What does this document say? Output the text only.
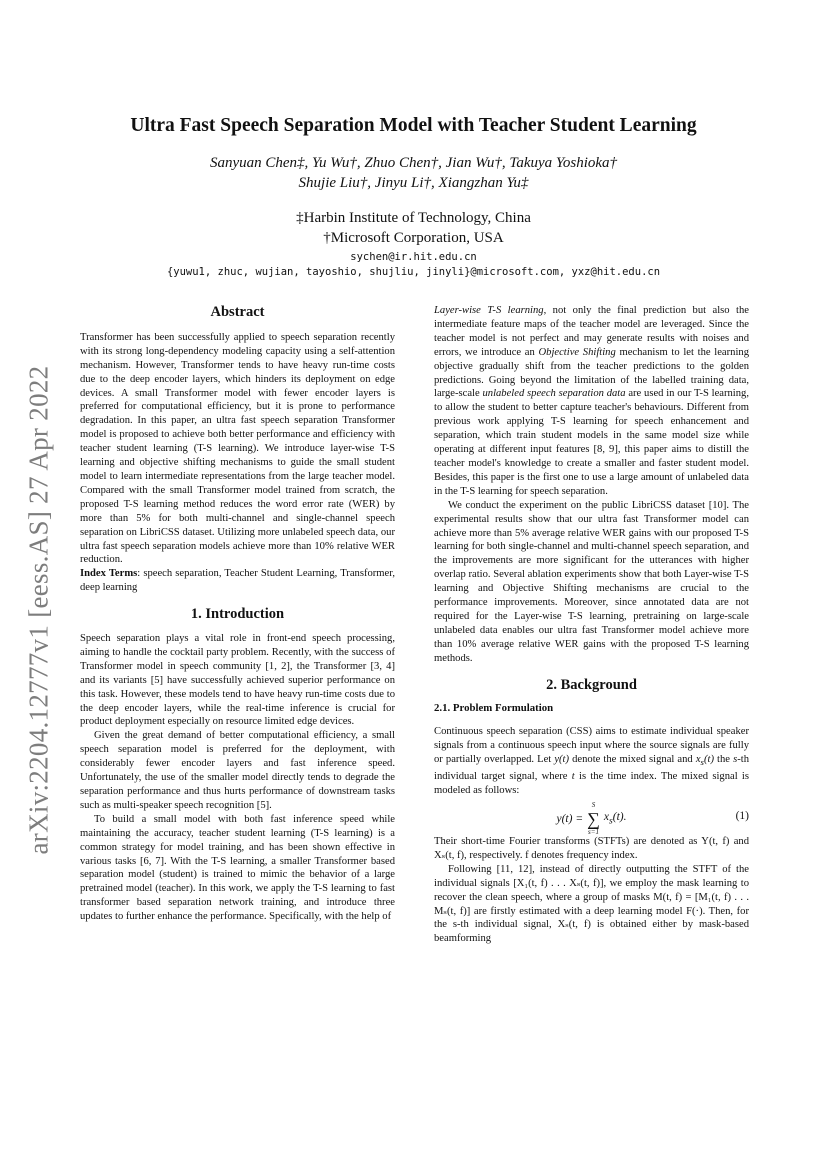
arXiv:2204.12777v1 [eess.AS] 27 Apr 2022
Ultra Fast Speech Separation Model with Teacher Student Learning
Sanyuan Chen‡, Yu Wu†, Zhuo Chen†, Jian Wu†, Takuya Yoshioka†
Shujie Liu†, Jinyu Li†, Xiangzhan Yu‡
‡Harbin Institute of Technology, China
†Microsoft Corporation, USA
sychen@ir.hit.edu.cn
{yuwu1, zhuc, wujian, tayoshio, shujliu, jinyli}@microsoft.com, yxz@hit.edu.cn
Abstract

Transformer has been successfully applied to speech separation recently with its strong long-dependency modeling capacity using a self-attention mechanism. However, Transformer tends to have heavy run-time costs due to the deep encoder layers, which hinders its deployment on edge devices. A small Transformer model with fewer encoder layers is preferred for computational efficiency, but it is prone to performance degradation. In this paper, an ultra fast speech separation Transformer model is proposed to achieve both better performance and efficiency with teacher student learning (T-S learning). We introduce layer-wise T-S learning and objective shifting mechanisms to guide the small student model to learn intermediate representations from the large teacher model. Compared with the small Transformer model trained from scratch, the proposed T-S learning method reduces the word error rate (WER) by more than 5% for both multi-channel and single-channel speech separation on LibriCSS dataset. Utilizing more unlabeled speech data, our ultra fast speech separation models achieve more than 10% relative WER reduction.

Index Terms: speech separation, Teacher Student Learning, Transformer, deep learning

1. Introduction

Speech separation plays a vital role in front-end speech processing, aiming to handle the cocktail party problem. Recently, with the success of Transformer model in speech community [1, 2], the Transformer [3, 4] and its variants [5] have successfully achieved superior performance on this task. However, these models tend to have heavy run-time costs due to the deep encoder layers, while the real-time inference is crucial for product deployment especially on resource limited edge devices.

Given the great demand of better computational efficiency, a small speech separation model is preferred for the deployment, with considerably fewer encoder layers and fast inference speed. Unfortunately, the use of the smaller model directly tends to degrade the separation performance and thus hurts performance of downstream tasks such as multi-speaker speech recognition [5].

To build a small model with both fast inference speed while maintaining the accuracy, teacher student learning (T-S learning) is a common strategy for model training, and has been shown effective in various tasks [6, 7]. With the T-S learning, a smaller Transformer based separation model (student) is trained to mimic the behavior of a large pretrained model (teacher). In this work, we apply the T-S learning to fast transformer based separation network training, and introduce three updates to further enhance the performance. Specifically, with the help of

Layer-wise T-S learning, not only the final prediction but also the intermediate feature maps of the teacher model are leveraged. Since the teacher model is not perfect and may generate results with noises and errors, we introduce an Objective Shifting mechanism to let the learning objective gradually shift from the teacher predictions to the golden predictions. Going beyond the limitation of the labelled training data, large-scale unlabeled speech separation data are used in our T-S learning, to allow the student to better capture teacher's behaviours. Different from previous work applying T-S learning for speech enhancement and separation, which train student models in the same model size while operating at different input features [8, 9], this paper aims to distill the teacher model's knowledge to create a smaller and faster student model. Besides, this paper is the first one to use a large amount of unlabeled data in the T-S learning for speech separation.

We conduct the experiment on the public LibriCSS dataset [10]. The experimental results show that our ultra fast Transformer model can achieve more than 5% average relative WER gains with our proposed T-S learning for both single-channel and multi-channel speech separation, and the improvements are more significant for the utterances with higher overlap ratio. Several ablation experiments show that both Layer-wise T-S learning and Objective Shifting mechanisms are crucial to the performance improvements. Moreover, since annotated data are not required for the Layer-wise T-S learning, pretraining on large-scale unlabeled data enables our ultra fast Transformer model achieve more than 10% average relative WER gains with the proposed T-S learning methods.

2. Background
2.1. Problem Formulation

Continuous speech separation (CSS) aims to estimate individual speaker signals from a continuous speech input where the source signals are fully or partially overlapped. Let y(t) denote the mixed signal and $x_s(t)$ the s-th individual target signal, where t is the time index. The mixed signal is modeled as follows:

y(t) =
S
∑
s=1
$x_s(t)$.	(1)

Their short-time Fourier transforms (STFTs) are denoted as Y(t, f) and Xₛ(t, f), respectively. f denotes frequency index.

Following [11, 12], instead of directly outputting the STFT of the individual signals [X₁(t, f) . . . Xₛ(t, f)], we employ the mask learning to recover the clean speech, where a group of masks M(t, f) = [M₁(t, f) . . . Mₛ(t, f)] are firstly estimated with a deep learning model F(·). Then, for the s-th individual signal, Xₛ(t, f) is obtained either by mask-based beamforming
